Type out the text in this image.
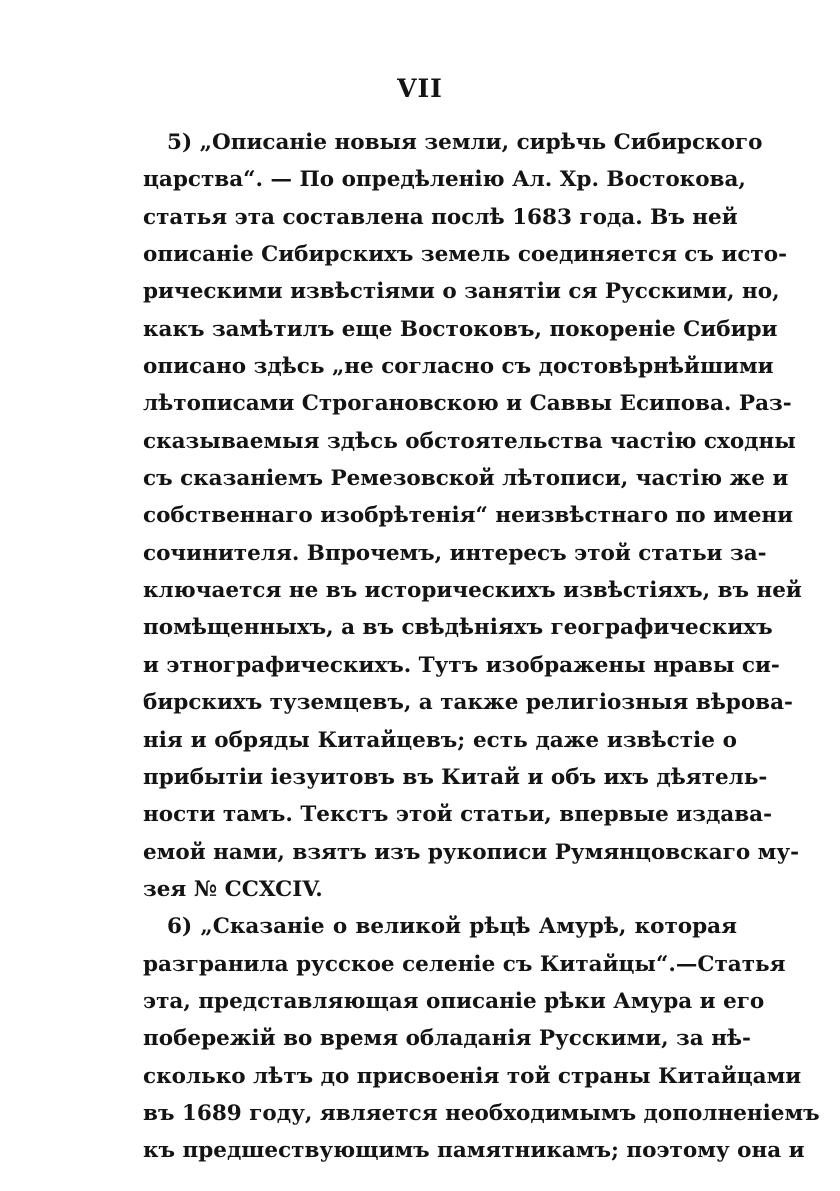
VII
5) „Описаніе новыя земли, сирѣчь Сибирского
царства“. — По опредѣленію Ал. Хр. Востокова,
статья эта составлена послѣ 1683 года. Въ ней
описаніе Сибирскихъ земель соединяется съ исто-
рическими извѣстіями о занятіи ся Русскими, но,
какъ замѣтилъ еще Востоковъ, покореніе Сибири
описано здѣсь „не согласно съ достовѣрнѣйшими
лѣтописами Строгановскою и Саввы Есипова. Раз-
сказываемыя здѣсь обстоятельства частію сходны
съ сказаніемъ Ремезовской лѣтописи, частію же и
собственнаго изобрѣтенія“ неизвѣстнаго по имени
сочинителя. Впрочемъ, интересъ этой статьи за-
ключается не въ историческихъ извѣстіяхъ, въ ней
помѣщенныхъ, а въ свѣдѣніяхъ географическихъ
и этнографическихъ. Тутъ изображены нравы си-
бирскихъ туземцевъ, а также религіозныя вѣрова-
нія и обряды Китайцевъ; есть даже извѣстіе о
прибытіи іезуитовъ въ Китай и объ ихъ дѣятель-
ности тамъ. Текстъ этой статьи, впервые издава-
емой нами, взятъ изъ рукописи Румянцовскаго му-
зея № CCXCIV.
6) „Сказаніе о великой рѣцѣ Амурѣ, которая
разгранила русское селеніе съ Китайцы“.—Статья
эта, представляющая описаніе рѣки Амура и его
побережій во время обладанія Русскими, за нѣ-
сколько лѣтъ до присвоенія той страны Китайцами
въ 1689 году, является необходимымъ дополненіемъ
къ предшествующимъ памятникамъ; поэтому она и
